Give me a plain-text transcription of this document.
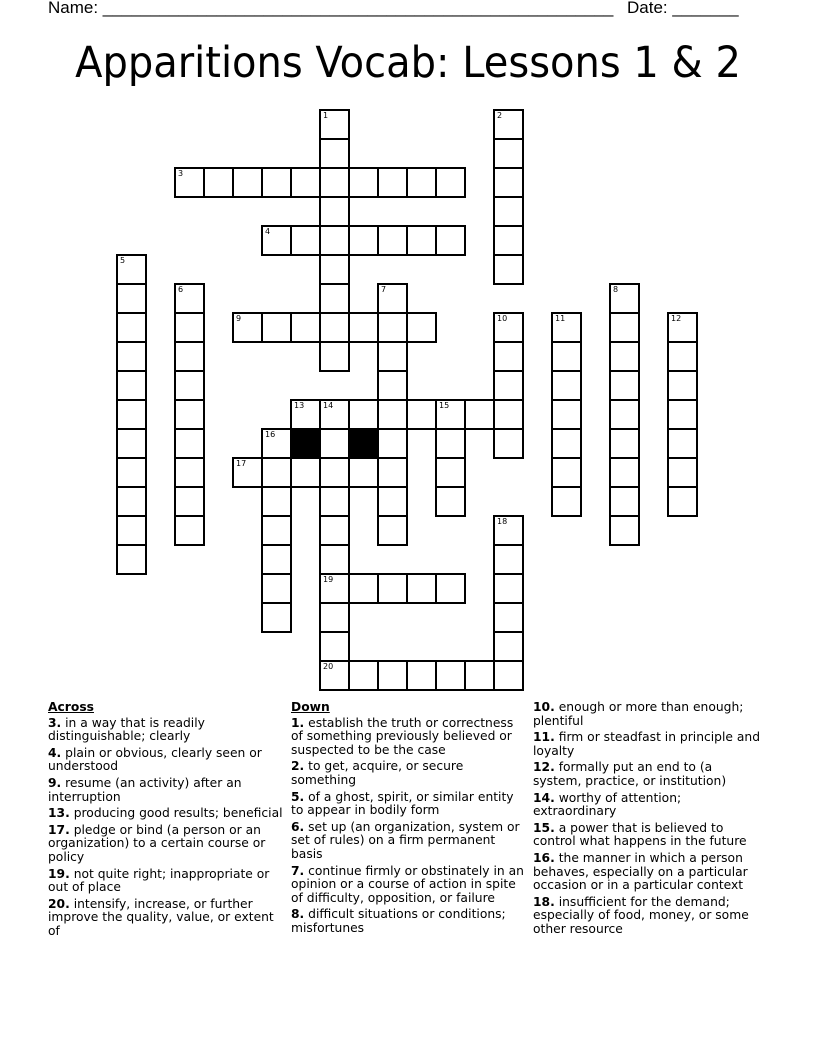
Name: ______________________________________________________ Date: _______
Apparitions Vocab: Lessons 1 & 2
1	2
3
4
5
6	7	8
9	10	11	12
13 14	15
19
20
16
17
18
Across
3. in a way that is readily distinguishable; clearly
4. plain or obvious, clearly seen or understood
9. resume (an activity) after an interruption
13. producing good results; beneficial
17. pledge or bind (a person or an organization) to a certain course or policy
19. not quite right; inappropriate or out of place
20. intensify, increase, or further improve the quality, value, or extent of
Down
1. establish the truth or correctness of something previously believed or suspected to be the case
2. to get, acquire, or secure something
5. of a ghost, spirit, or similar entity to appear in bodily form
6. set up (an organization, system or set of rules) on a firm permanent basis
7. continue firmly or obstinately in an opinion or a course of action in spite of difficulty, opposition, or failure
8. difficult situations or conditions; misfortunes
10. enough or more than enough; plentiful
11. firm or steadfast in principle and loyalty
12. formally put an end to (a system, practice, or institution)
14. worthy of attention; extraordinary
15. a power that is believed to control what happens in the future
16. the manner in which a person behaves, especially on a particular occasion or in a particular context
18. insufficient for the demand; especially of food, money, or some other resource
